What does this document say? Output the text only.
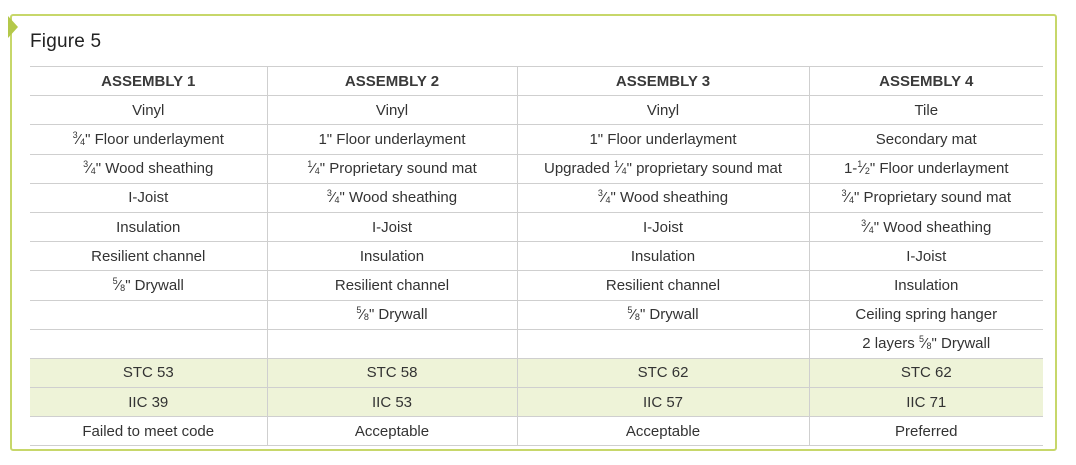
Figure 5
ASSEMBLY 1	ASSEMBLY 2	ASSEMBLY 3	ASSEMBLY 4
Vinyl	Vinyl	Vinyl	Tile
$^3⁄_4$" Floor underlayment	1" Floor underlayment	1" Floor underlayment	Secondary mat
$^3⁄_4$" Wood sheathing	$^1⁄_4$" Proprietary sound mat	Upgraded $^1⁄_4$" proprietary sound mat	$1-^1⁄_2$" Floor underlayment
I-Joist	$^3⁄_4$" Wood sheathing	$^3⁄_4$" Wood sheathing	$^3⁄_4$" Proprietary sound mat
Insulation	I-Joist	I-Joist	$^3⁄_4$" Wood sheathing
Resilient channel	Insulation	Insulation	I-Joist
$^5⁄_8$" Drywall	Resilient channel	Resilient channel	Insulation
	$^5⁄_8$" Drywall	$^5⁄_8$" Drywall	Ceiling spring hanger
			2 layers $^5⁄_8$" Drywall
STC 53	STC 58	STC 62	STC 62
IIC 39	IIC 53	IIC 57	IIC 71
Failed to meet code	Acceptable	Acceptable	Preferred
